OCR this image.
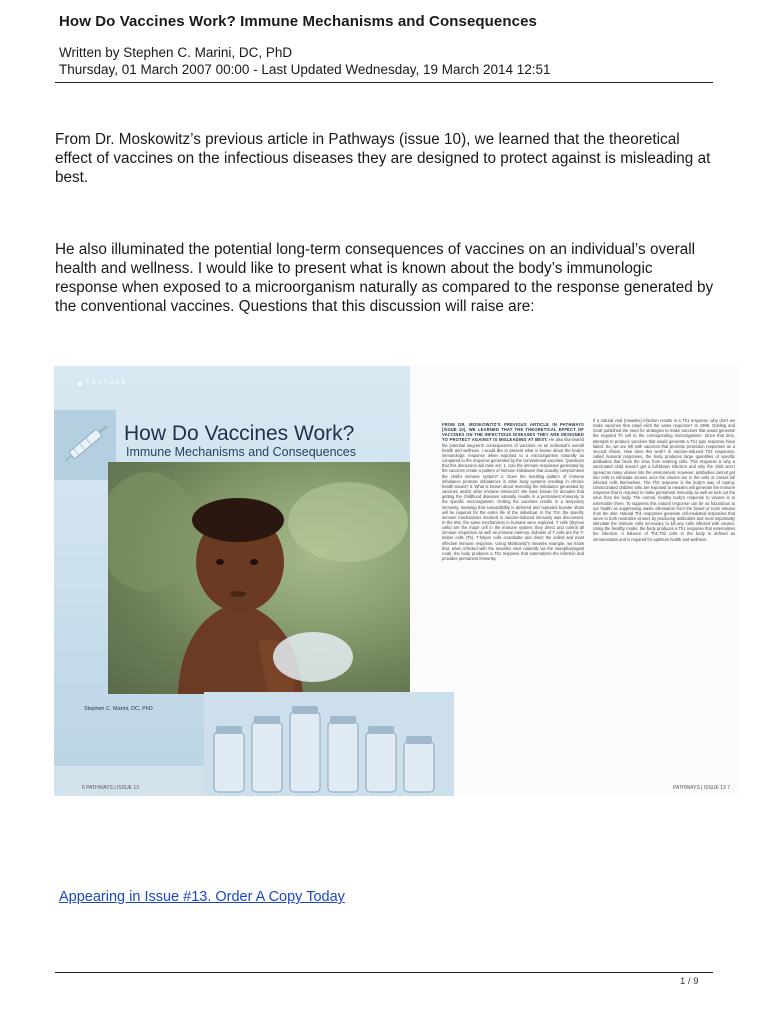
How Do Vaccines Work? Immune Mechanisms and Consequences
Written by Stephen C. Marini, DC, PhD
Thursday, 01 March 2007 00:00 - Last Updated Wednesday, 19 March 2014 12:51

From Dr. Moskowitz’s previous article in Pathways (issue 10), we learned that the theoretical effect of vaccines on the infectious diseases they are designed to protect against is misleading at best.

He also illuminated the potential long-term consequences of vaccines on an individual’s overall health and wellness. I would like to present what is known about the body’s immunologic response when exposed to a microorganism naturally as compared to the response generated by the conventional vaccines. Questions that this discussion will raise are:

FEATURE
How Do Vaccines Work?
Immune Mechanisms and Consequences
Stephen C. Marini, DC, PhD
6 PATHWAYS | ISSUE 13
FROM DR. MOSKOWITZ’S PREVIOUS ARTICLE IN PATHWAYS (ISSUE 10), WE LEARNED THAT THE THEORETICAL EFFECT OF VACCINES ON THE INFECTIOUS DISEASES THEY ARE DESIGNED TO PROTECT AGAINST IS MISLEADING AT BEST. He also illuminated the potential long-term consequences of vaccines on an individual’s overall health and wellness. I would like to present what is known about the body’s immunologic response when exposed to a microorganism naturally as compared to the response generated by the conventional vaccines. Questions that this discussion will raise are: 1. Can the immune responses generated by the vaccines create a pattern of immune imbalance that actually compromises the child’s immune system? 2. Does the resulting pattern of immune imbalance promote imbalances in other body systems resulting in chronic health issues? 3. What is known about reversing the imbalance generated by vaccines and/or other immune stressors? We have known for decades that getting the childhood diseases naturally results in a permanent immunity to the specific microorganism. Getting the vaccines results in a temporary immunity, meaning that susceptibility is deferred and repeated booster shots will be required for the entire life of the individual. In the 70s, the specific immune mechanisms involved in vaccine-induced immunity was discovered. In the 90s, the same mechanisms in humans were explored. T cells (thymus cells) are the major cell in the immune system; they direct and control all immune responses as well as immune memory. Subsets of T cells are the T-helper cells (Th). T-helper cells coordinate and direct the safest and most effective immune response. Using Moskowitz’s measles example, we know that, when infected with the measles virus naturally via the nasopharyngeal route, the body produces a Th1 response that externalizes the infection and provides permanent immunity.
If a natural viral (measles) infection results in a Th1 response, why don’t we make vaccines that could elicit the same response? In 1999, Golding and Scott published the need for strategies to make vaccines that would generate the required Th cell to the corresponding microorganism. Since that time, attempts to produce vaccines that would generate a Th1 type response have failed. So, we are left with vaccines that promote protection responses as a second choice. How does this work? In vaccine-induced Th2 responses, called humoral responses, the body produces large quantities of specific antibodies that block the virus from entering cells. This response is why a vaccinated child doesn’t get a full-blown infection and why the child won’t spread as many viruses into the environment. However, antibodies cannot get into cells to eliminate viruses once the viruses are in the cells or cannot kill infected cells themselves. The Th2 response is the body’s way of coping. Unvaccinated children who are exposed to measles will generate the immune response that is required to make permanent immunity as well as kick out the virus from the body. The normal, healthy body’s response to viruses is to externalize them. To suppress this natural response can be as hazardous to our health as suppressing waste elimination from the bowel or toxin release from the skin. Natural Th1 responses generate cell-mediated responses that serve to both neutralize viruses by producing antibodies and most importantly stimulate the immune cells necessary to kill any cells infected with viruses. Using the healthy model, the body produces a Th1 response that externalizes the infection. A balance of Th1:Th2 cells in the body is defined as immunostasis and is required for optimum health and wellness.
PATHWAYS | ISSUE 13 7
Appearing in Issue #13. Order A Copy Today
1 / 9
